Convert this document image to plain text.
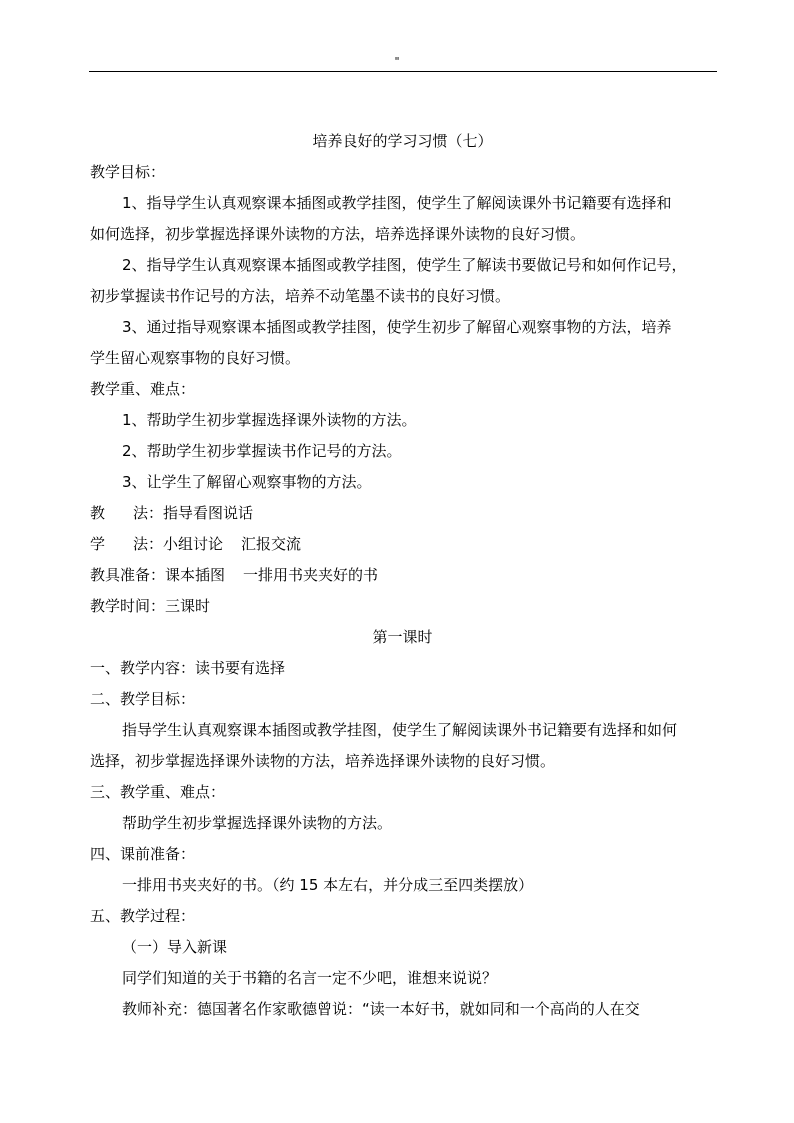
"
培养良好的学习习惯（七）
教学目标：
1、指导学生认真观察课本插图或教学挂图，使学生了解阅读课外书记籍要有选择和
如何选择，初步掌握选择课外读物的方法，培养选择课外读物的良好习惯。
2、指导学生认真观察课本插图或教学挂图，使学生了解读书要做记号和如何作记号，
初步掌握读书作记号的方法，培养不动笔墨不读书的良好习惯。
3、通过指导观察课本插图或教学挂图，使学生初步了解留心观察事物的方法，培养
学生留心观察事物的良好习惯。
教学重、难点：
1、帮助学生初步掌握选择课外读物的方法。
2、帮助学生初步掌握读书作记号的方法。
3、让学生了解留心观察事物的方法。
教 法：指导看图说话
学 法：小组讨论 汇报交流
教具准备：课本插图 一排用书夹夹好的书
教学时间：三课时
第一课时
一、教学内容：读书要有选择
二、教学目标：
指导学生认真观察课本插图或教学挂图，使学生了解阅读课外书记籍要有选择和如何
选择，初步掌握选择课外读物的方法，培养选择课外读物的良好习惯。
三、教学重、难点：
帮助学生初步掌握选择课外读物的方法。
四、课前准备：
一排用书夹夹好的书。（约 15 本左右，并分成三至四类摆放）
五、教学过程：
（一）导入新课
同学们知道的关于书籍的名言一定不少吧，谁想来说说？
教师补充：德国著名作家歌德曾说：“读一本好书，就如同和一个高尚的人在交
